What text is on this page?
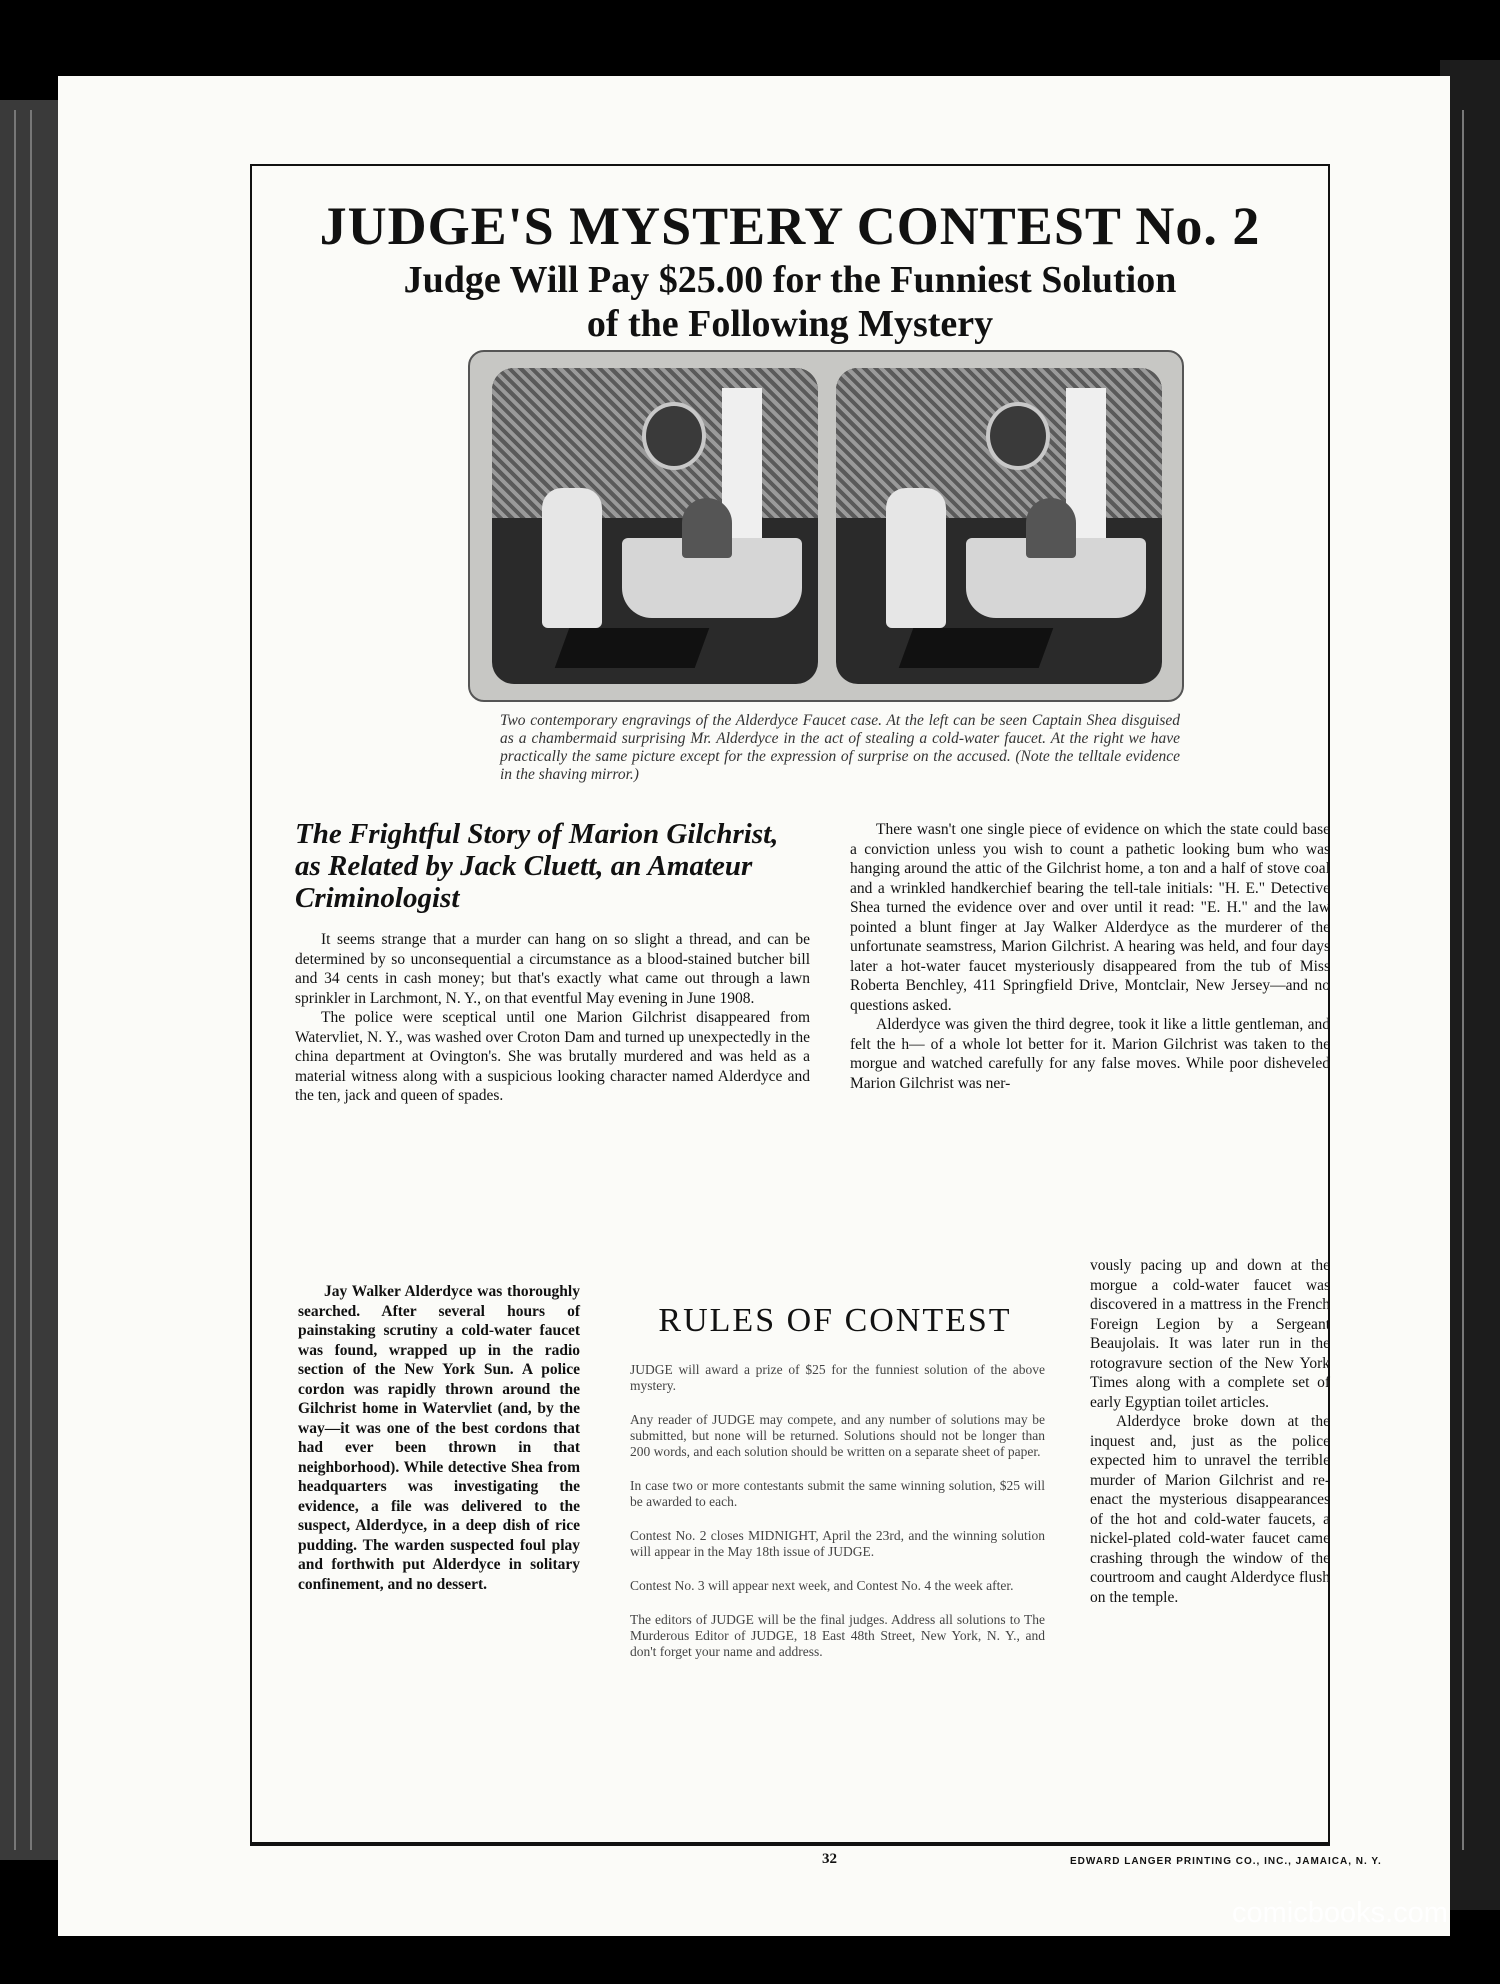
JUDGE'S MYSTERY CONTEST No. 2
Judge Will Pay $25.00 for the Funniest Solution
of the Following Mystery

Two contemporary engravings of the Alderdyce Faucet case. At the left can be seen Captain Shea disguised as a chambermaid surprising Mr. Alderdyce in the act of stealing a cold-water faucet. At the right we have practically the same picture except for the expression of surprise on the accused. (Note the telltale evidence in the shaving mirror.)

The Frightful Story of Marion Gilchrist, as Related by Jack Cluett, an Amateur Criminologist

It seems strange that a murder can hang on so slight a thread, and can be determined by so unconsequential a circumstance as a blood-stained butcher bill and 34 cents in cash money; but that's exactly what came out through a lawn sprinkler in Larchmont, N. Y., on that eventful May evening in June 1908.

The police were sceptical until one Marion Gilchrist disappeared from Watervliet, N. Y., was washed over Croton Dam and turned up unexpectedly in the china department at Ovington's. She was brutally murdered and was held as a material witness along with a suspicious looking character named Alderdyce and the ten, jack and queen of spades.

Jay Walker Alderdyce was thoroughly searched. After several hours of painstaking scrutiny a cold-water faucet was found, wrapped up in the radio section of the New York Sun. A police cordon was rapidly thrown around the Gilchrist home in Watervliet (and, by the way—it was one of the best cordons that had ever been thrown in that neighborhood). While detective Shea from headquarters was investigating the evidence, a file was delivered to the suspect, Alderdyce, in a deep dish of rice pudding. The warden suspected foul play and forthwith put Alderdyce in solitary confinement, and no dessert.

There wasn't one single piece of evidence on which the state could base a conviction unless you wish to count a pathetic looking bum who was hanging around the attic of the Gilchrist home, a ton and a half of stove coal and a wrinkled handkerchief bearing the tell-tale initials: "H. E." Detective Shea turned the evidence over and over until it read: "E. H." and the law pointed a blunt finger at Jay Walker Alderdyce as the murderer of the unfortunate seamstress, Marion Gilchrist. A hearing was held, and four days later a hot-water faucet mysteriously disappeared from the tub of Miss Roberta Benchley, 411 Springfield Drive, Montclair, New Jersey—and no questions asked.

Alderdyce was given the third degree, took it like a little gentleman, and felt the h— of a whole lot better for it. Marion Gilchrist was taken to the morgue and watched carefully for any false moves. While poor disheveled Marion Gilchrist was ner-

vously pacing up and down at the morgue a cold-water faucet was discovered in a mattress in the French Foreign Legion by a Sergeant Beaujolais. It was later run in the rotogravure section of the New York Times along with a complete set of early Egyptian toilet articles.

Alderdyce broke down at the inquest and, just as the police expected him to unravel the terrible murder of Marion Gilchrist and re-enact the mysterious disappearances of the hot and cold-water faucets, a nickel-plated cold-water faucet came crashing through the window of the courtroom and caught Alderdyce flush on the temple.

RULES OF CONTEST

JUDGE will award a prize of $25 for the funniest solution of the above mystery.

Any reader of JUDGE may compete, and any number of solutions may be submitted, but none will be returned. Solutions should not be longer than 200 words, and each solution should be written on a separate sheet of paper.

In case two or more contestants submit the same winning solution, $25 will be awarded to each.

Contest No. 2 closes MIDNIGHT, April the 23rd, and the winning solution will appear in the May 18th issue of JUDGE.

Contest No. 3 will appear next week, and Contest No. 4 the week after.

The editors of JUDGE will be the final judges. Address all solutions to The Murderous Editor of JUDGE, 18 East 48th Street, New York, N. Y., and don't forget your name and address.

32	EDWARD LANGER PRINTING CO., INC., JAMAICA, N. Y.
comicbooks.com
